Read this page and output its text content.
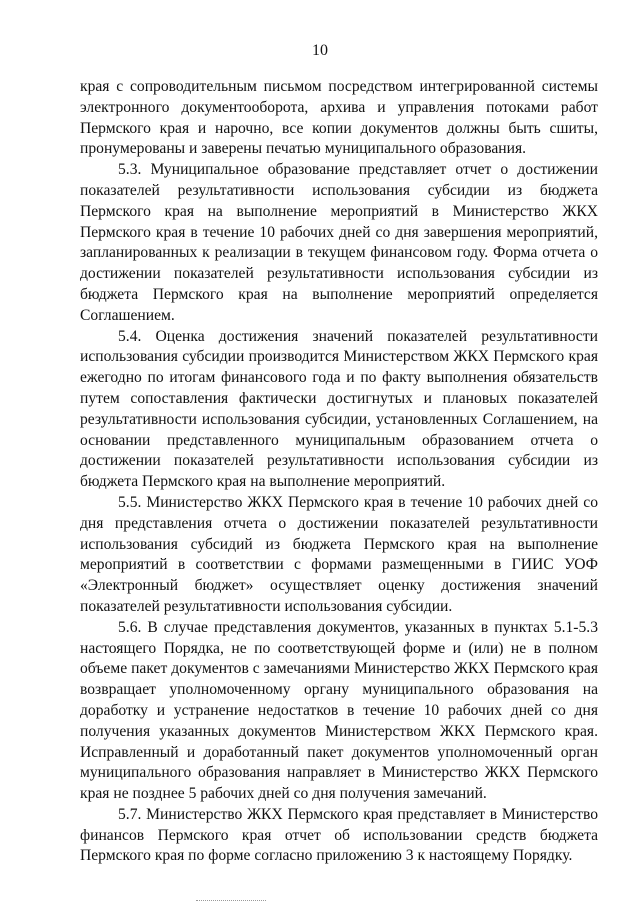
10

края с сопроводительным письмом посредством интегрированной системы электронного документооборота, архива и управления потоками работ Пермского края и нарочно, все копии документов должны быть сшиты, пронумерованы и заверены печатью муниципального образования.

5.3. Муниципальное образование представляет отчет о достижении показателей результативности использования субсидии из бюджета Пермского края на выполнение мероприятий в Министерство ЖКХ Пермского края в течение 10 рабочих дней со дня завершения мероприятий, запланированных к реализации в текущем финансовом году. Форма отчета о достижении показателей результативности использования субсидии из бюджета Пермского края на выполнение мероприятий определяется Соглашением.

5.4. Оценка достижения значений показателей результативности использования субсидии производится Министерством ЖКХ Пермского края ежегодно по итогам финансового года и по факту выполнения обязательств путем сопоставления фактически достигнутых и плановых показателей результативности использования субсидии, установленных Соглашением, на основании представленного муниципальным образованием отчета о достижении показателей результативности использования субсидии из бюджета Пермского края на выполнение мероприятий.

5.5. Министерство ЖКХ Пермского края в течение 10 рабочих дней со дня представления отчета о достижении показателей результативности использования субсидий из бюджета Пермского края на выполнение мероприятий в соответствии с формами размещенными в ГИИС УОФ «Электронный бюджет» осуществляет оценку достижения значений показателей результативности использования субсидии.

5.6. В случае представления документов, указанных в пунктах 5.1-5.3 настоящего Порядка, не по соответствующей форме и (или) не в полном объеме пакет документов с замечаниями Министерство ЖКХ Пермского края возвращает уполномоченному органу муниципального образования на доработку и устранение недостатков в течение 10 рабочих дней со дня получения указанных документов Министерством ЖКХ Пермского края. Исправленный и доработанный пакет документов уполномоченный орган муниципального образования направляет в Министерство ЖКХ Пермского края не позднее 5 рабочих дней со дня получения замечаний.

5.7. Министерство ЖКХ Пермского края представляет в Министерство финансов Пермского края отчет об использовании средств бюджета Пермского края по форме согласно приложению 3 к настоящему Порядку.
